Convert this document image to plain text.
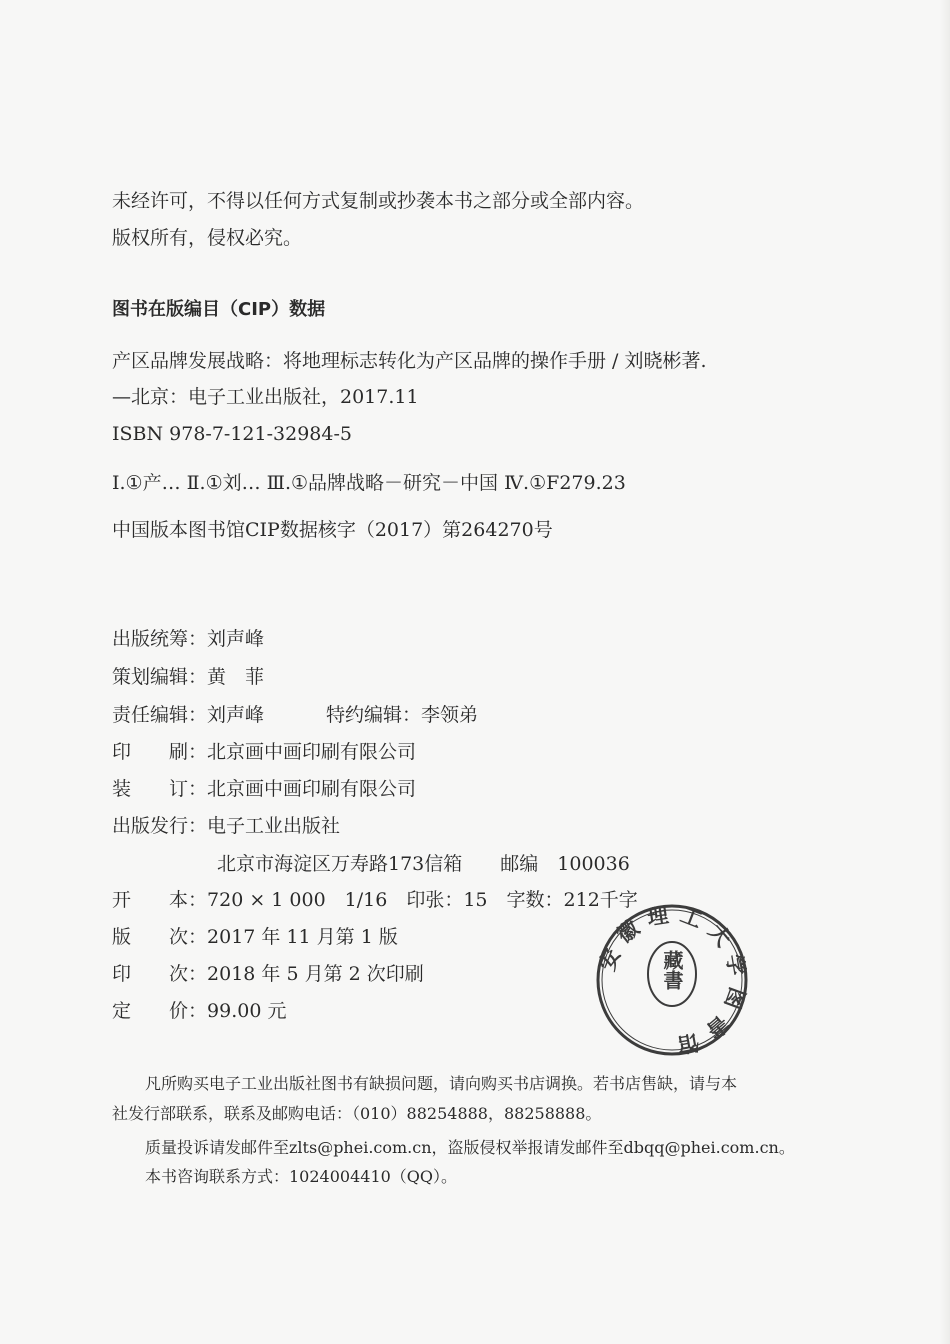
未经许可，不得以任何方式复制或抄袭本书之部分或全部内容。
版权所有，侵权必究。
图书在版编目（CIP）数据
产区品牌发展战略：将地理标志转化为产区品牌的操作手册 / 刘晓彬著.
—北京：电子工业出版社，2017.11
ISBN 978-7-121-32984-5
Ⅰ.①产… Ⅱ.①刘… Ⅲ.①品牌战略－研究－中国 Ⅳ.①F279.23
中国版本图书馆CIP数据核字（2017）第264270号
出版统筹：刘声峰
策划编辑：黄　菲
责任编辑：刘声峰	特约编辑：李领弟
印　　刷：北京画中画印刷有限公司
装　　订：北京画中画印刷有限公司
出版发行：电子工业出版社
北京市海淀区万寿路173信箱　　邮编　100036
开　　本：720 × 1 000　1/16　印张：15　字数：212千字
版　　次：2017 年 11 月第 1 版
印　　次：2018 年 5 月第 2 次印刷
定　　价：99.00 元
安徽理工大学图書馆
藏書
凡所购买电子工业出版社图书有缺损问题，请向购买书店调换。若书店售缺，请与本
社发行部联系，联系及邮购电话：（010）88254888，88258888。
质量投诉请发邮件至zlts@phei.com.cn，盗版侵权举报请发邮件至dbqq@phei.com.cn。
本书咨询联系方式：1024004410（QQ）。
